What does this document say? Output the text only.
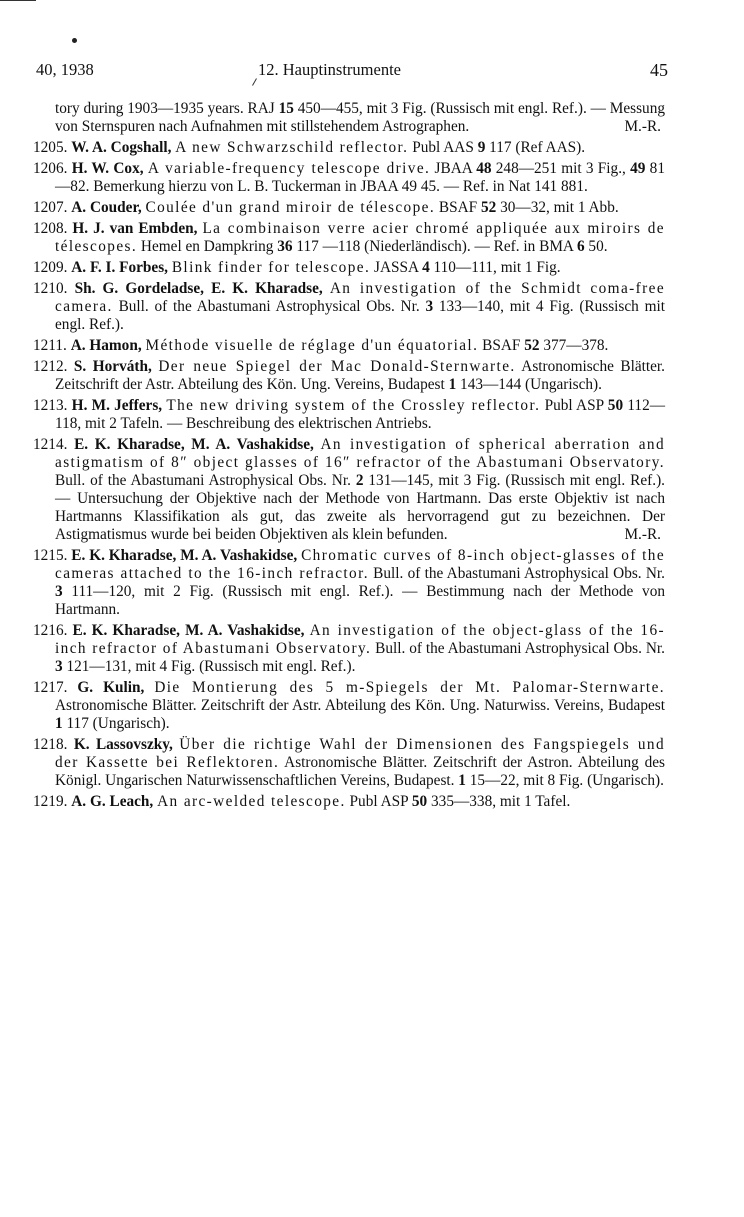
40, 1938	12. Hauptinstrumente	45
tory during 1903—1935 years. RAJ 15 450—455, mit 3 Fig. (Russisch mit engl. Ref.). — Messung von Sternspuren nach Aufnahmen mit stillstehendem Astrographen.	M.-R.
1205. W. A. Cogshall, A new Schwarzschild reflector. Publ AAS 9 117 (Ref AAS).
1206. H. W. Cox, A variable-frequency telescope drive. JBAA 48 248—251 mit 3 Fig., 49 81—82. Bemerkung hierzu von L. B. Tuckerman in JBAA 49 45. — Ref. in Nat 141 881.
1207. A. Couder, Coulée d'un grand miroir de télescope. BSAF 52 30—32, mit 1 Abb.
1208. H. J. van Embden, La combinaison verre acier chromé appliquée aux miroirs de télescopes. Hemel en Dampkring 36 117 —118 (Niederländisch). — Ref. in BMA 6 50.
1209. A. F. I. Forbes, Blink finder for telescope. JASSA 4 110—111, mit 1 Fig.
1210. Sh. G. Gordeladse, E. K. Kharadse, An investigation of the Schmidt coma-free camera. Bull. of the Abastumani Astrophysical Obs. Nr. 3 133—140, mit 4 Fig. (Russisch mit engl. Ref.).
1211. A. Hamon, Méthode visuelle de réglage d'un équatorial. BSAF 52 377—378.
1212. S. Horváth, Der neue Spiegel der Mac Donald-Sternwarte. Astronomische Blätter. Zeitschrift der Astr. Abteilung des Kön. Ung. Vereins, Budapest 1 143—144 (Ungarisch).
1213. H. M. Jeffers, The new driving system of the Crossley reflector. Publ ASP 50 112—118, mit 2 Tafeln. — Beschreibung des elektrischen Antriebs.
1214. E. K. Kharadse, M. A. Vashakidse, An investigation of spherical aberration and astigmatism of 8″ object glasses of 16″ refractor of the Abastumani Observatory. Bull. of the Abastumani Astrophysical Obs. Nr. 2 131—145, mit 3 Fig. (Russisch mit engl. Ref.). — Untersuchung der Objektive nach der Methode von Hartmann. Das erste Objektiv ist nach Hartmanns Klassifikation als gut, das zweite als hervorragend gut zu bezeichnen. Der Astigmatismus wurde bei beiden Objektiven als klein befunden.	M.-R.
1215. E. K. Kharadse, M. A. Vashakidse, Chromatic curves of 8-inch object-glasses of the cameras attached to the 16-inch refractor. Bull. of the Abastumani Astrophysical Obs. Nr. 3 111—120, mit 2 Fig. (Russisch mit engl. Ref.). — Bestimmung nach der Methode von Hartmann.
1216. E. K. Kharadse, M. A. Vashakidse, An investigation of the object-glass of the 16-inch refractor of Abastumani Observatory. Bull. of the Abastumani Astrophysical Obs. Nr. 3 121—131, mit 4 Fig. (Russisch mit engl. Ref.).
1217. G. Kulin, Die Montierung des 5 m-Spiegels der Mt. Palomar-Sternwarte. Astronomische Blätter. Zeitschrift der Astr. Abteilung des Kön. Ung. Naturwiss. Vereins, Budapest 1 117 (Ungarisch).
1218. K. Lassovszky, Über die richtige Wahl der Dimensionen des Fangspiegels und der Kassette bei Reflektoren. Astronomische Blätter. Zeitschrift der Astron. Abteilung des Königl. Ungarischen Naturwissenschaftlichen Vereins, Budapest. 1 15—22, mit 8 Fig. (Ungarisch).
1219. A. G. Leach, An arc-welded telescope. Publ ASP 50 335—338, mit 1 Tafel.
